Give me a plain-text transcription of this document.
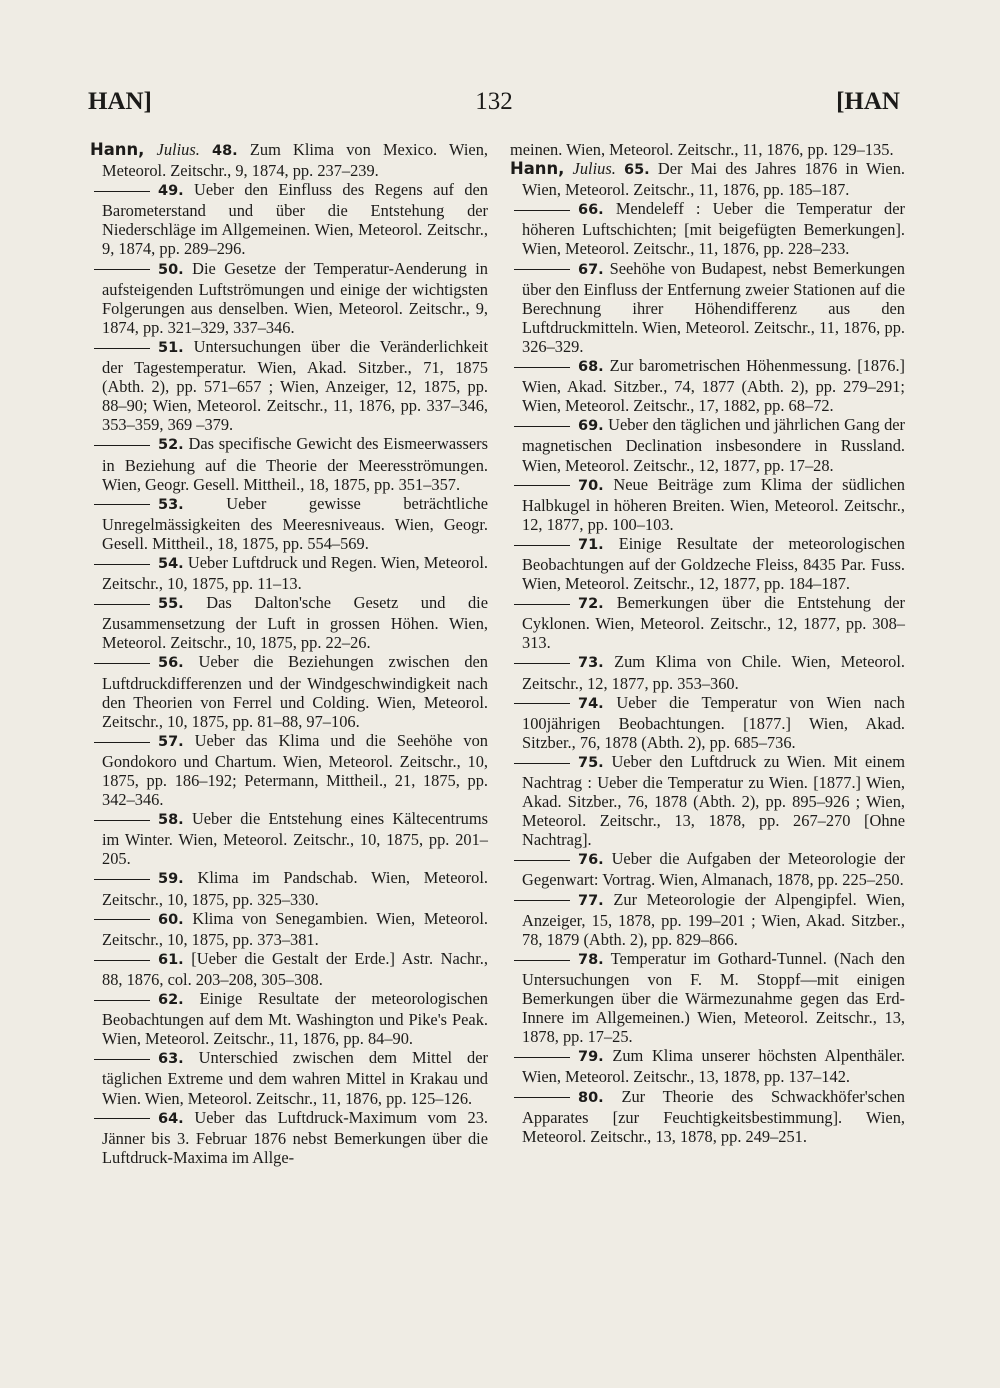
132
HAN]	[HAN

Hann, Julius. 48. Zum Klima von Mexico. Wien, Meteorol. Zeitschr., 9, 1874, pp. 237–239.

49. Ueber den Einfluss des Regens auf den Barometerstand und über die Entstehung der Niederschläge im Allgemeinen. Wien, Meteorol. Zeitschr., 9, 1874, pp. 289–296.

50. Die Gesetze der Temperatur-Aenderung in aufsteigenden Luftströmungen und einige der wichtigsten Folgerungen aus denselben. Wien, Meteorol. Zeitschr., 9, 1874, pp. 321–329, 337–346.

51. Untersuchungen über die Veränderlichkeit der Tagestemperatur. Wien, Akad. Sitzber., 71, 1875 (Abth. 2), pp. 571–657 ; Wien, Anzeiger, 12, 1875, pp. 88–90; Wien, Meteorol. Zeitschr., 11, 1876, pp. 337–346, 353–359, 369 –379.

52. Das specifische Gewicht des Eismeerwassers in Beziehung auf die Theorie der Meeresströmungen. Wien, Geogr. Gesell. Mittheil., 18, 1875, pp. 351–357.

53.	Ueber gewisse beträchtliche Unregelmässigkeiten des Meeresniveaus. Wien, Geogr. Gesell. Mittheil., 18, 1875, pp. 554–569.

54. Ueber Luftdruck und Regen. Wien, Meteorol. Zeitschr., 10, 1875, pp. 11–13.

55. Das Dalton'sche Gesetz und die Zusammensetzung der Luft in grossen Höhen. Wien, Meteorol. Zeitschr., 10, 1875, pp. 22–26.

56. Ueber die Beziehungen zwischen den Luftdruckdifferenzen und der Windgeschwindigkeit nach den Theorien von Ferrel und Colding. Wien, Meteorol. Zeitschr., 10, 1875, pp. 81–88, 97–106.

57. Ueber das Klima und die Seehöhe von Gondokoro und Chartum. Wien, Meteorol. Zeitschr., 10, 1875, pp. 186–192; Petermann, Mittheil., 21, 1875, pp. 342–346.

58. Ueber die Entstehung eines Kältecentrums im Winter. Wien, Meteorol. Zeitschr., 10, 1875, pp. 201–205.

59. Klima im Pandschab. Wien, Meteorol. Zeitschr., 10, 1875, pp. 325–330.

60. Klima von Senegambien. Wien, Meteorol. Zeitschr., 10, 1875, pp. 373–381.

61. [Ueber die Gestalt der Erde.] Astr. Nachr., 88, 1876, col. 203–208, 305–308.

62. Einige Resultate der meteorologischen Beobachtungen auf dem Mt. Washington und Pike's Peak. Wien, Meteorol. Zeitschr., 11, 1876, pp. 84–90.

63. Unterschied zwischen dem Mittel der täglichen Extreme und dem wahren Mittel in Krakau und Wien. Wien, Meteorol. Zeitschr., 11, 1876, pp. 125–126.

64. Ueber das Luftdruck-Maximum vom 23. Jänner bis 3. Februar 1876 nebst Bemerkungen über die Luftdruck-Maxima im Allge-

meinen. Wien, Meteorol. Zeitschr., 11, 1876, pp. 129–135.

Hann, Julius. 65. Der Mai des Jahres 1876 in Wien. Wien, Meteorol. Zeitschr., 11, 1876, pp. 185–187.

66. Mendeleff : Ueber die Temperatur der höheren Luftschichten; [mit beigefügten Bemerkungen]. Wien, Meteorol. Zeitschr., 11, 1876, pp. 228–233.

67. Seehöhe von Budapest, nebst Bemerkungen über den Einfluss der Entfernung zweier Stationen auf die Berechnung ihrer Höhendifferenz aus den Luftdruckmitteln. Wien, Meteorol. Zeitschr., 11, 1876, pp. 326–329.

68. Zur barometrischen Höhenmessung. [1876.] Wien, Akad. Sitzber., 74, 1877 (Abth. 2), pp. 279–291; Wien, Meteorol. Zeitschr., 17, 1882, pp. 68–72.

69. Ueber den täglichen und jährlichen Gang der magnetischen Declination insbesondere in Russland. Wien, Meteorol. Zeitschr., 12, 1877, pp. 17–28.

70. Neue Beiträge zum Klima der südlichen Halbkugel in höheren Breiten. Wien, Meteorol. Zeitschr., 12, 1877, pp. 100–103.

71. Einige Resultate der meteorologischen Beobachtungen auf der Goldzeche Fleiss, 8435 Par. Fuss. Wien, Meteorol. Zeitschr., 12, 1877, pp. 184–187.

72. Bemerkungen über die Entstehung der Cyklonen. Wien, Meteorol. Zeitschr., 12, 1877, pp. 308–313.

73. Zum Klima von Chile. Wien, Meteorol. Zeitschr., 12, 1877, pp. 353–360.

74. Ueber die Temperatur von Wien nach 100jährigen Beobachtungen. [1877.] Wien, Akad. Sitzber., 76, 1878 (Abth. 2), pp. 685–736.

75. Ueber den Luftdruck zu Wien. Mit einem Nachtrag : Ueber die Temperatur zu Wien. [1877.] Wien, Akad. Sitzber., 76, 1878 (Abth. 2), pp. 895–926 ; Wien, Meteorol. Zeitschr., 13, 1878, pp. 267–270 [Ohne Nachtrag].

76. Ueber die Aufgaben der Meteorologie der Gegenwart: Vortrag. Wien, Almanach, 1878, pp. 225–250.

77. Zur Meteorologie der Alpengipfel. Wien, Anzeiger, 15, 1878, pp. 199–201 ; Wien, Akad. Sitzber., 78, 1879 (Abth. 2), pp. 829–866.

78. Temperatur im Gothard-Tunnel. (Nach den Untersuchungen von F. M. Stoppf—mit einigen Bemerkungen über die Wärmezunahme gegen das Erd-Innere im Allgemeinen.) Wien, Meteorol. Zeitschr., 13, 1878, pp. 17–25.

79. Zum Klima unserer höchsten Alpenthäler. Wien, Meteorol. Zeitschr., 13, 1878, pp. 137–142.

80. Zur Theorie des Schwackhöfer'schen Apparates [zur Feuchtigkeitsbestimmung]. Wien, Meteorol. Zeitschr., 13, 1878, pp. 249–251.
